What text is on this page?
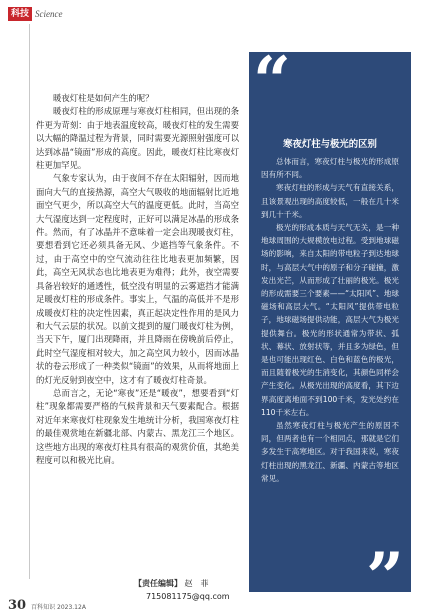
科技 Science

暖夜灯柱是如何产生的呢？

暖夜灯柱的形成原理与寒夜灯柱相同，但出现的条件更为苛刻：由于地表温度较高，暖夜灯柱的发生需要以大幅的降温过程为背景，同时需要光源照射强度可以达到冰晶“镜面”形成的高度。因此，暖夜灯柱比寒夜灯柱更加罕见。

气象专家认为，由于夜间不存在太阳辐射，因而地面向大气的直接热源，高空大气吸收的地面辐射比近地面空气更少，所以高空大气的温度更低。此时，当高空大气湿度达到一定程度时，正好可以满足冰晶的形成条件。然而，有了冰晶并不意味着一定会出现暖夜灯柱，要想看到它还必须具备无风、少遮挡等气象条件。不过，由于高空中的空气流动往往比地表更加频繁，因此，高空无风状态也比地表更为难得；此外，夜空需要具备岩较好的通透性，低空没有明显的云雾遮挡才能满足暖夜灯柱的形成条件。事实上，气温的高低并不是形成暖夜灯柱的决定性因素，真正起决定性作用的是风力和大气云层的状况。以前文提到的厦门暖夜灯柱为例，当天下午，厦门出现降雨，并且降雨在傍晚前后停止，此时空气湿度相对较大，加之高空风力较小，因而冰晶状的卷云形成了一种类似“镜面”的效果，从而将地面上的灯光反射到夜空中，这才有了暖夜灯柱奇景。

总而言之，无论“寒夜”还是“暖夜”，想要看到“灯柱”现象都需要严格的气候背景和天气要素配合。根据对近年来寒夜灯柱现象发生地统计分析，我国寒夜灯柱的最佳观赏地在新疆北部、内蒙古、黑龙江三个地区。这些地方出现的寒夜灯柱具有很高的观赏价值，其绝美程度可以和极光比肩。

【责任编辑】 赵　菲
715081175@qq.com
30 百科知识 2023.12A
“
寒夜灯柱与极光的区别

总体而言，寒夜灯柱与极光的形成原因有所不同。

寒夜灯柱的形成与天气有直接关系，且该景观出现的高度较低，一般在几十米到几十千米。

极光的形成本质与天气无关，是一种地球周围的大规模放电过程。受到地球磁场的影响，来自太阳的带电粒子到达地球时，与高层大气中的原子和分子碰撞，激发出光芒，从而形成了壮丽的极光。极光的形成需要三个要素——“太阳风”、地球磁场和高层大气。“太阳风”提供带电粒子，地球磁场提供动能，高层大气为极光提供舞台。极光的形状通常为带状、弧状、幕状、放射状等，并且多为绿色，但是也可能出现红色、白色和蓝色的极光，而且随着极光的生消变化，其颜色同样会产生变化。从极光出现的高度看，其下边界高度离地面不到100千米，发光处约在110千米左右。

虽然寒夜灯柱与极光产生的原因不同，但两者也有一个相同点，那就是它们多发生于高寒地区。对于我国来说，寒夜灯柱出现的黑龙江、新疆、内蒙古等地区常见。

”
